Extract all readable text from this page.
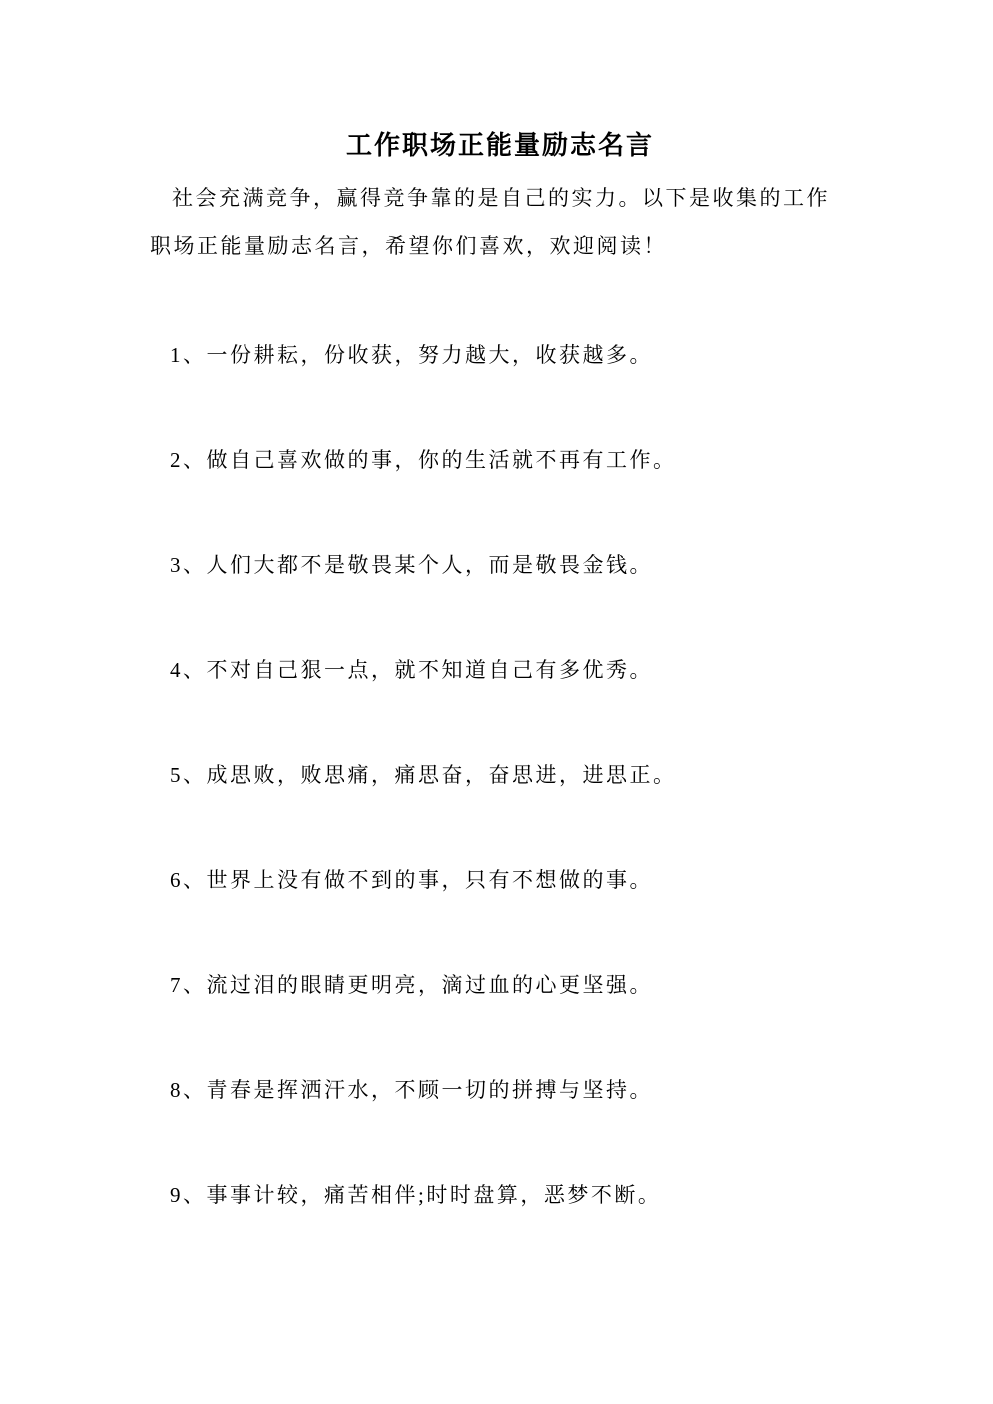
工作职场正能量励志名言

社会充满竞争，赢得竞争靠的是自己的实力。以下是收集的工作
职场正能量励志名言，希望你们喜欢，欢迎阅读！

1、一份耕耘，份收获，努力越大，收获越多。

2、做自己喜欢做的事，你的生活就不再有工作。

3、人们大都不是敬畏某个人，而是敬畏金钱。

4、不对自己狠一点，就不知道自己有多优秀。

5、成思败，败思痛，痛思奋，奋思进，进思正。

6、世界上没有做不到的事，只有不想做的事。

7、流过泪的眼睛更明亮，滴过血的心更坚强。

8、青春是挥洒汗水，不顾一切的拼搏与坚持。

9、事事计较，痛苦相伴;时时盘算，恶梦不断。
